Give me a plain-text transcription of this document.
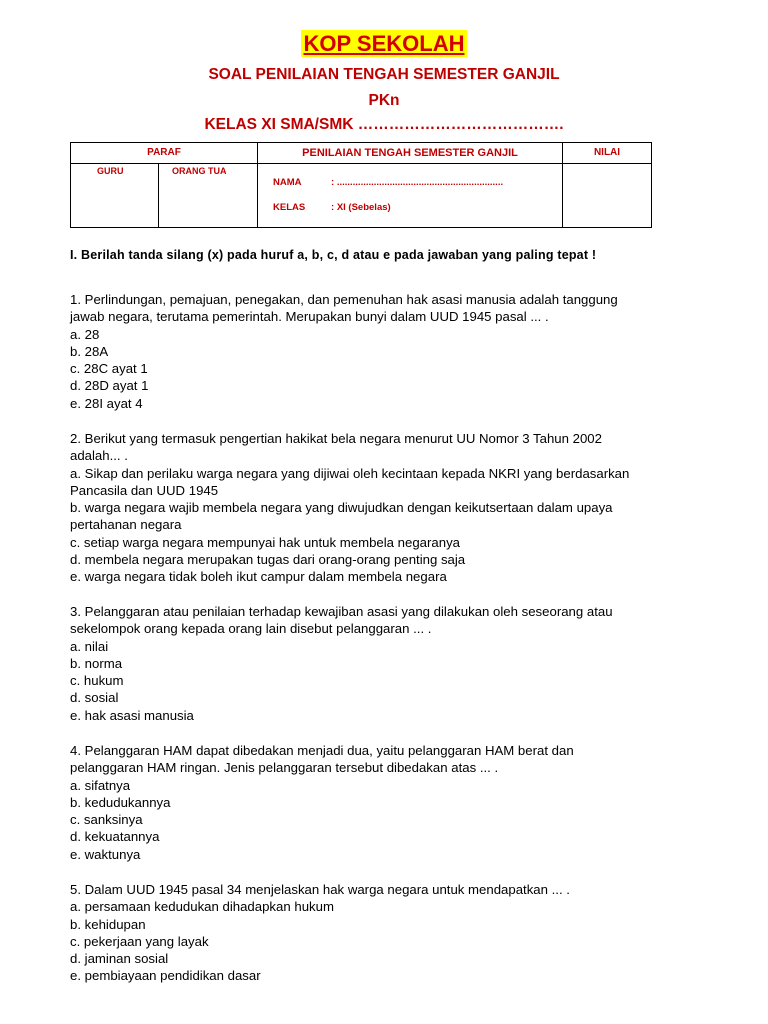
KOP SEKOLAH
SOAL PENILAIAN TENGAH SEMESTER GANJIL
PKn
KELAS XI SMA/SMK ………………………………….
PARAF		PENILAIAN TENGAH SEMESTER GANJIL	NILAI

GURU	ORANG TUA	NAMA : ...............................................................
KELAS : XI (Sebelas)	

I. Berilah tanda silang (x) pada huruf a, b, c, d atau e pada jawaban yang paling tepat !
1. Perlindungan, pemajuan, penegakan, dan pemenuhan hak asasi manusia adalah tanggung
jawab negara, terutama pemerintah. Merupakan bunyi dalam UUD 1945 pasal ... .
a. 28
b. 28A
c. 28C ayat 1
d. 28D ayat 1
e. 28I ayat 4
2. Berikut yang termasuk pengertian hakikat bela negara menurut UU Nomor 3 Tahun 2002
adalah... .
a. Sikap dan perilaku warga negara yang dijiwai oleh kecintaan kepada NKRI yang berdasarkan
Pancasila dan UUD 1945
b. warga negara wajib membela negara yang diwujudkan dengan keikutsertaan dalam upaya
pertahanan negara
c. setiap warga negara mempunyai hak untuk membela negaranya
d. membela negara merupakan tugas dari orang-orang penting saja
e. warga negara tidak boleh ikut campur dalam membela negara
3. Pelanggaran atau penilaian terhadap kewajiban asasi yang dilakukan oleh seseorang atau
sekelompok orang kepada orang lain disebut pelanggaran ... .
a. nilai
b. norma
c. hukum
d. sosial
e. hak asasi manusia
4. Pelanggaran HAM dapat dibedakan menjadi dua, yaitu pelanggaran HAM berat dan
pelanggaran HAM ringan. Jenis pelanggaran tersebut dibedakan atas ... .
a. sifatnya
b. kedudukannya
c. sanksinya
d. kekuatannya
e. waktunya
5. Dalam UUD 1945 pasal 34 menjelaskan hak warga negara untuk mendapatkan ... .
a. persamaan kedudukan dihadapkan hukum
b. kehidupan
c. pekerjaan yang layak
d. jaminan sosial
e. pembiayaan pendidikan dasar
